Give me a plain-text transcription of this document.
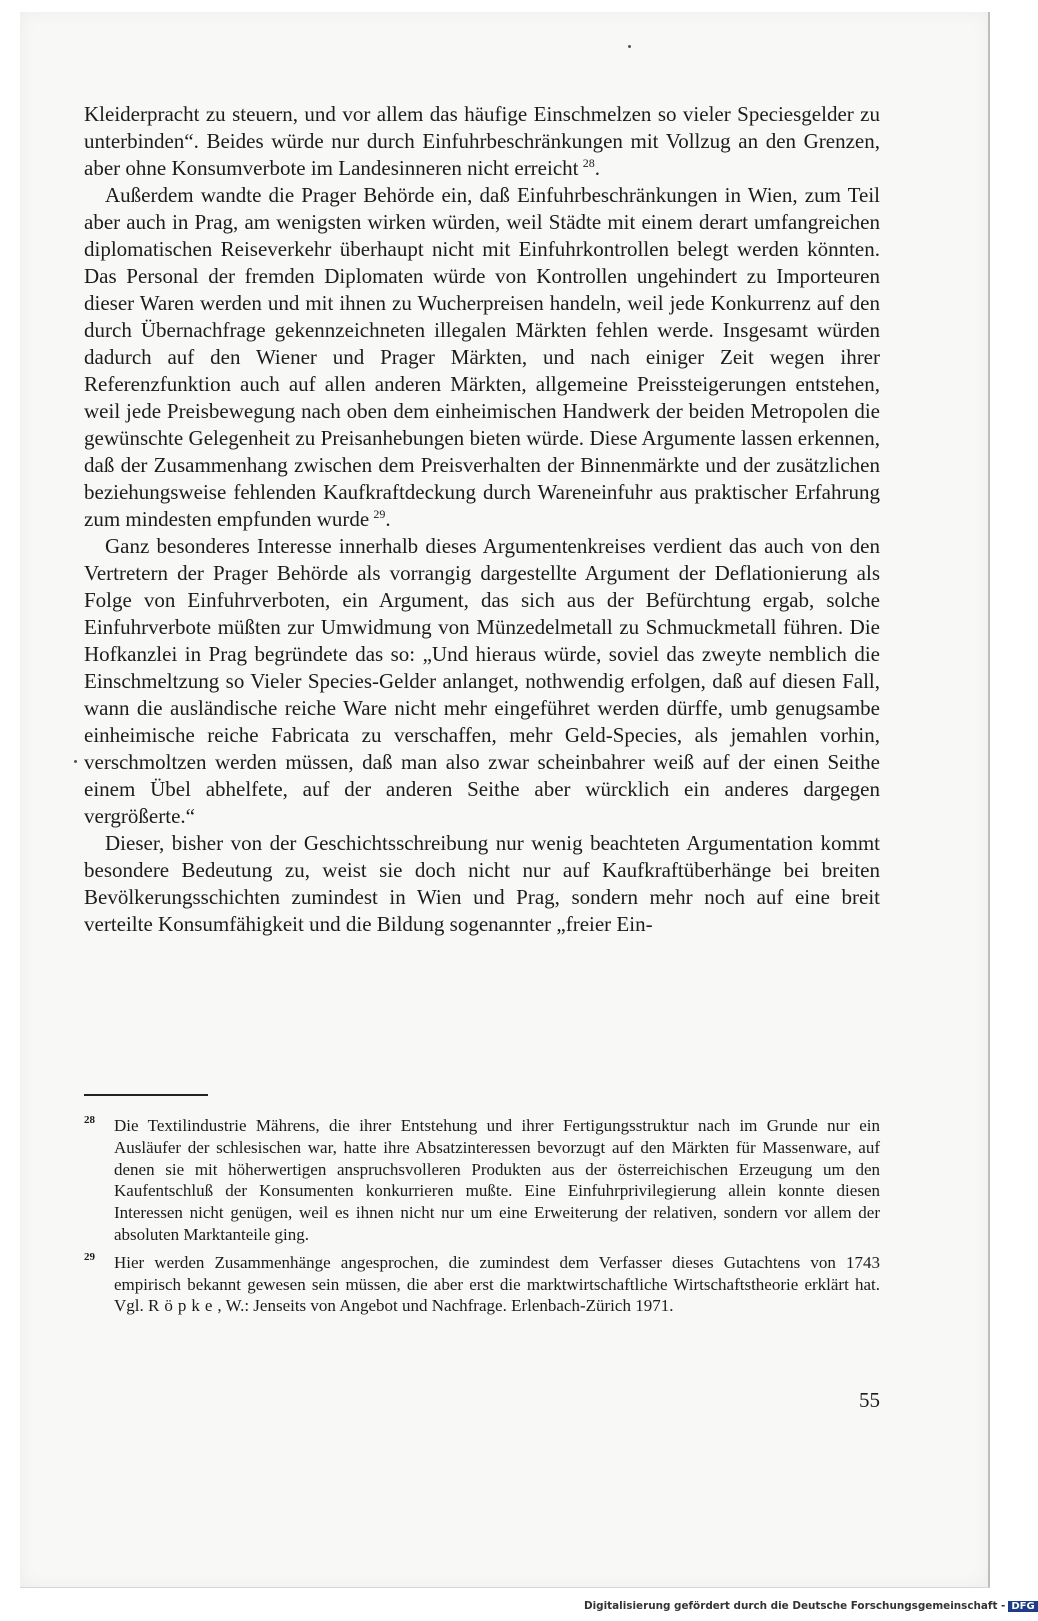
Kleiderpracht zu steuern, und vor allem das häufige Einschmelzen so vieler Speciesgelder zu unterbinden“. Beides würde nur durch Einfuhrbeschränkungen mit Vollzug an den Grenzen, aber ohne Konsumverbote im Landesinneren nicht erreicht  $^{28}$.

Außerdem wandte die Prager Behörde ein, daß Einfuhrbeschränkungen in Wien, zum Teil aber auch in Prag, am wenigsten wirken würden, weil Städte mit einem derart umfangreichen diplomatischen Reiseverkehr überhaupt nicht mit Einfuhrkontrollen belegt werden könnten. Das Personal der fremden Diplomaten würde von Kontrollen ungehindert zu Importeuren dieser Waren werden und mit ihnen zu Wucherpreisen handeln, weil jede Konkurrenz auf den durch Übernachfrage gekennzeichneten illegalen Märkten fehlen werde. Insgesamt würden dadurch auf den Wiener und Prager Märkten, und nach einiger Zeit wegen ihrer Referenzfunktion auch auf allen anderen Märkten, allgemeine Preissteigerungen entstehen, weil jede Preisbewegung nach oben dem einheimischen Handwerk der beiden Metropolen die gewünschte Gelegenheit zu Preisanhebungen bieten würde. Diese Argumente lassen erkennen, daß der Zusammenhang zwischen dem Preisverhalten der Binnenmärkte und der zusätzlichen beziehungsweise fehlenden Kaufkraftdeckung durch Wareneinfuhr aus praktischer Erfahrung zum mindesten empfunden wurde  $^{29}$.

Ganz besonderes Interesse innerhalb dieses Argumentenkreises verdient das auch von den Vertretern der Prager Behörde als vorrangig dargestellte Argument der Deflationierung als Folge von Einfuhrverboten, ein Argument, das sich aus der Befürchtung ergab, solche Einfuhrverbote müßten zur Umwidmung von Münzedelmetall zu Schmuckmetall führen. Die Hofkanzlei in Prag begründete das so: „Und hieraus würde, soviel das zweyte nemblich die Einschmeltzung so Vieler Species-Gelder anlanget, nothwendig erfolgen, daß auf diesen Fall, wann die ausländische reiche Ware nicht mehr eingeführet werden dürffe, umb genugsambe einheimische reiche Fabricata zu verschaffen, mehr Geld-Species, als jemahlen vorhin, verschmoltzen werden müssen, daß man also zwar scheinbahrer weiß auf der einen Seithe einem Übel abhelfete, auf der anderen Seithe aber würcklich ein anderes dargegen vergrößerte.“

Dieser, bisher von der Geschichtsschreibung nur wenig beachteten Argumentation kommt besondere Bedeutung zu, weist sie doch nicht nur auf Kaufkraftüberhänge bei breiten Bevölkerungsschichten zumindest in Wien und Prag, sondern mehr noch auf eine breit verteilte Konsumfähigkeit und die Bildung sogenannter „freier Ein-

28 Die Textilindustrie Mährens, die ihrer Entstehung und ihrer Fertigungsstruktur nach im Grunde nur ein Ausläufer der schlesischen war, hatte ihre Absatzinteressen bevorzugt auf den Märkten für Massenware, auf denen sie mit höherwertigen anspruchsvolleren Produkten aus der österreichischen Erzeugung um den Kaufentschluß der Konsumenten konkurrieren mußte. Eine Einfuhrprivilegierung allein konnte diesen Interessen nicht genügen, weil es ihnen nicht nur um eine Erweiterung der relativen, sondern vor allem der absoluten Marktanteile ging.

29 Hier werden Zusammenhänge angesprochen, die zumindest dem Verfasser dieses Gutachtens von 1743 empirisch bekannt gewesen sein müssen, die aber erst die marktwirtschaftliche Wirtschaftstheorie erklärt hat. Vgl. Röpke, W.: Jenseits von Angebot und Nachfrage. Erlenbach-Zürich 1971.

55
Digitalisierung gefördert durch die Deutsche Forschungsgemeinschaft - DFG
